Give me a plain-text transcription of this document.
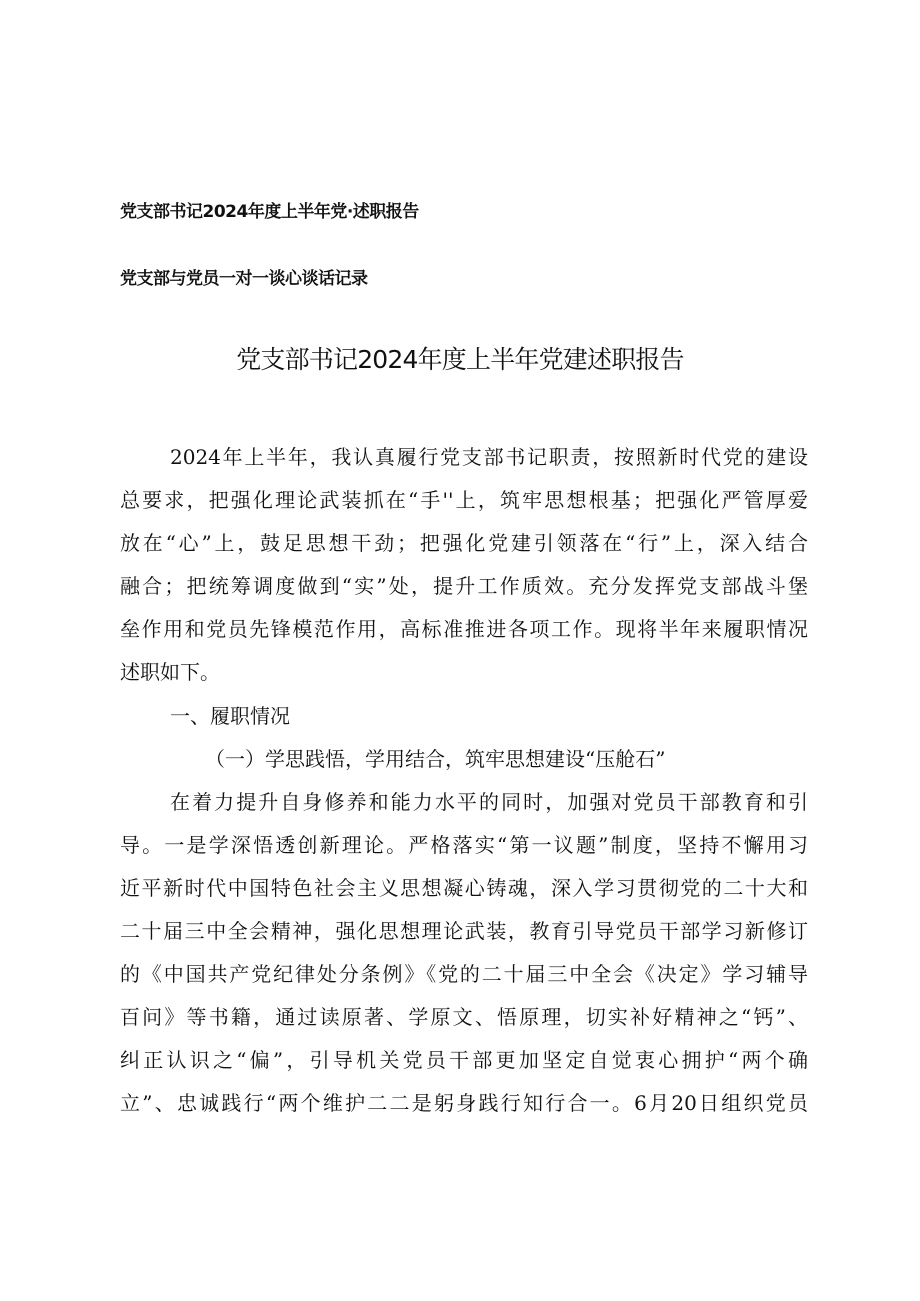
党支部书记2024年度上半年党·述职报告
党支部与党员一对一谈心谈话记录
党支部书记2024年度上半年党建述职报告
2024年上半年，我认真履行党支部书记职责，按照新时代党的建设
总要求，把强化理论武装抓在“手''上，筑牢思想根基；把强化严管厚爱
放在“心”上，鼓足思想干劲；把强化党建引领落在“行”上，深入结合
融合；把统筹调度做到“实”处，提升工作质效。充分发挥党支部战斗堡
垒作用和党员先锋模范作用，高标准推进各项工作。现将半年来履职情况
述职如下。
一、履职情况
（一）学思践悟，学用结合，筑牢思想建设“压舱石”
在着力提升自身修养和能力水平的同时，加强对党员干部教育和引
导。一是学深悟透创新理论。严格落实“第一议题”制度，坚持不懈用习
近平新时代中国特色社会主义思想凝心铸魂，深入学习贯彻党的二十大和
二十届三中全会精神，强化思想理论武装，教育引导党员干部学习新修订
的《中国共产党纪律处分条例》《党的二十届三中全会《决定》学习辅导
百问》等书籍，通过读原著、学原文、悟原理，切实补好精神之“钙”、
纠正认识之“偏”，引导机关党员干部更加坚定自觉衷心拥护“两个确
立”、忠诚践行“两个维护二二是躬身践行知行合一。6月20日组织党员
